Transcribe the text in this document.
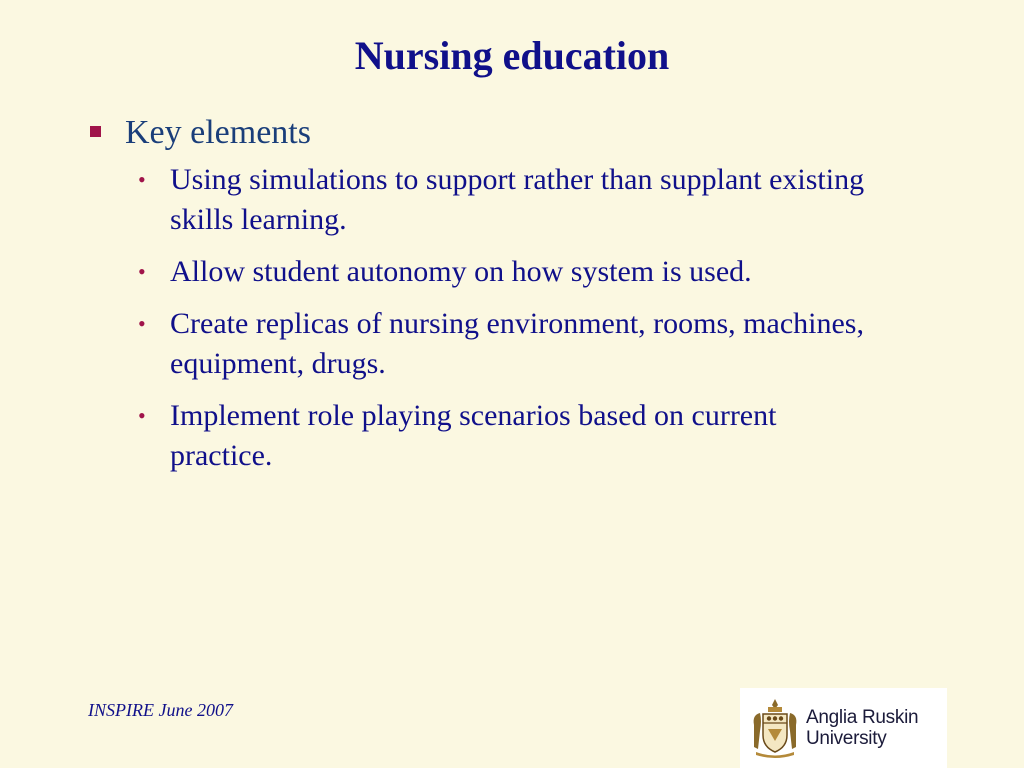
Nursing education
Key elements
• Using simulations to support rather than supplant existing skills learning.
• Allow student autonomy on how system is used.
• Create replicas of nursing environment, rooms, machines, equipment, drugs.
• Implement role playing scenarios based on current practice.
INSPIRE June 2007	Anglia Ruskin
University
